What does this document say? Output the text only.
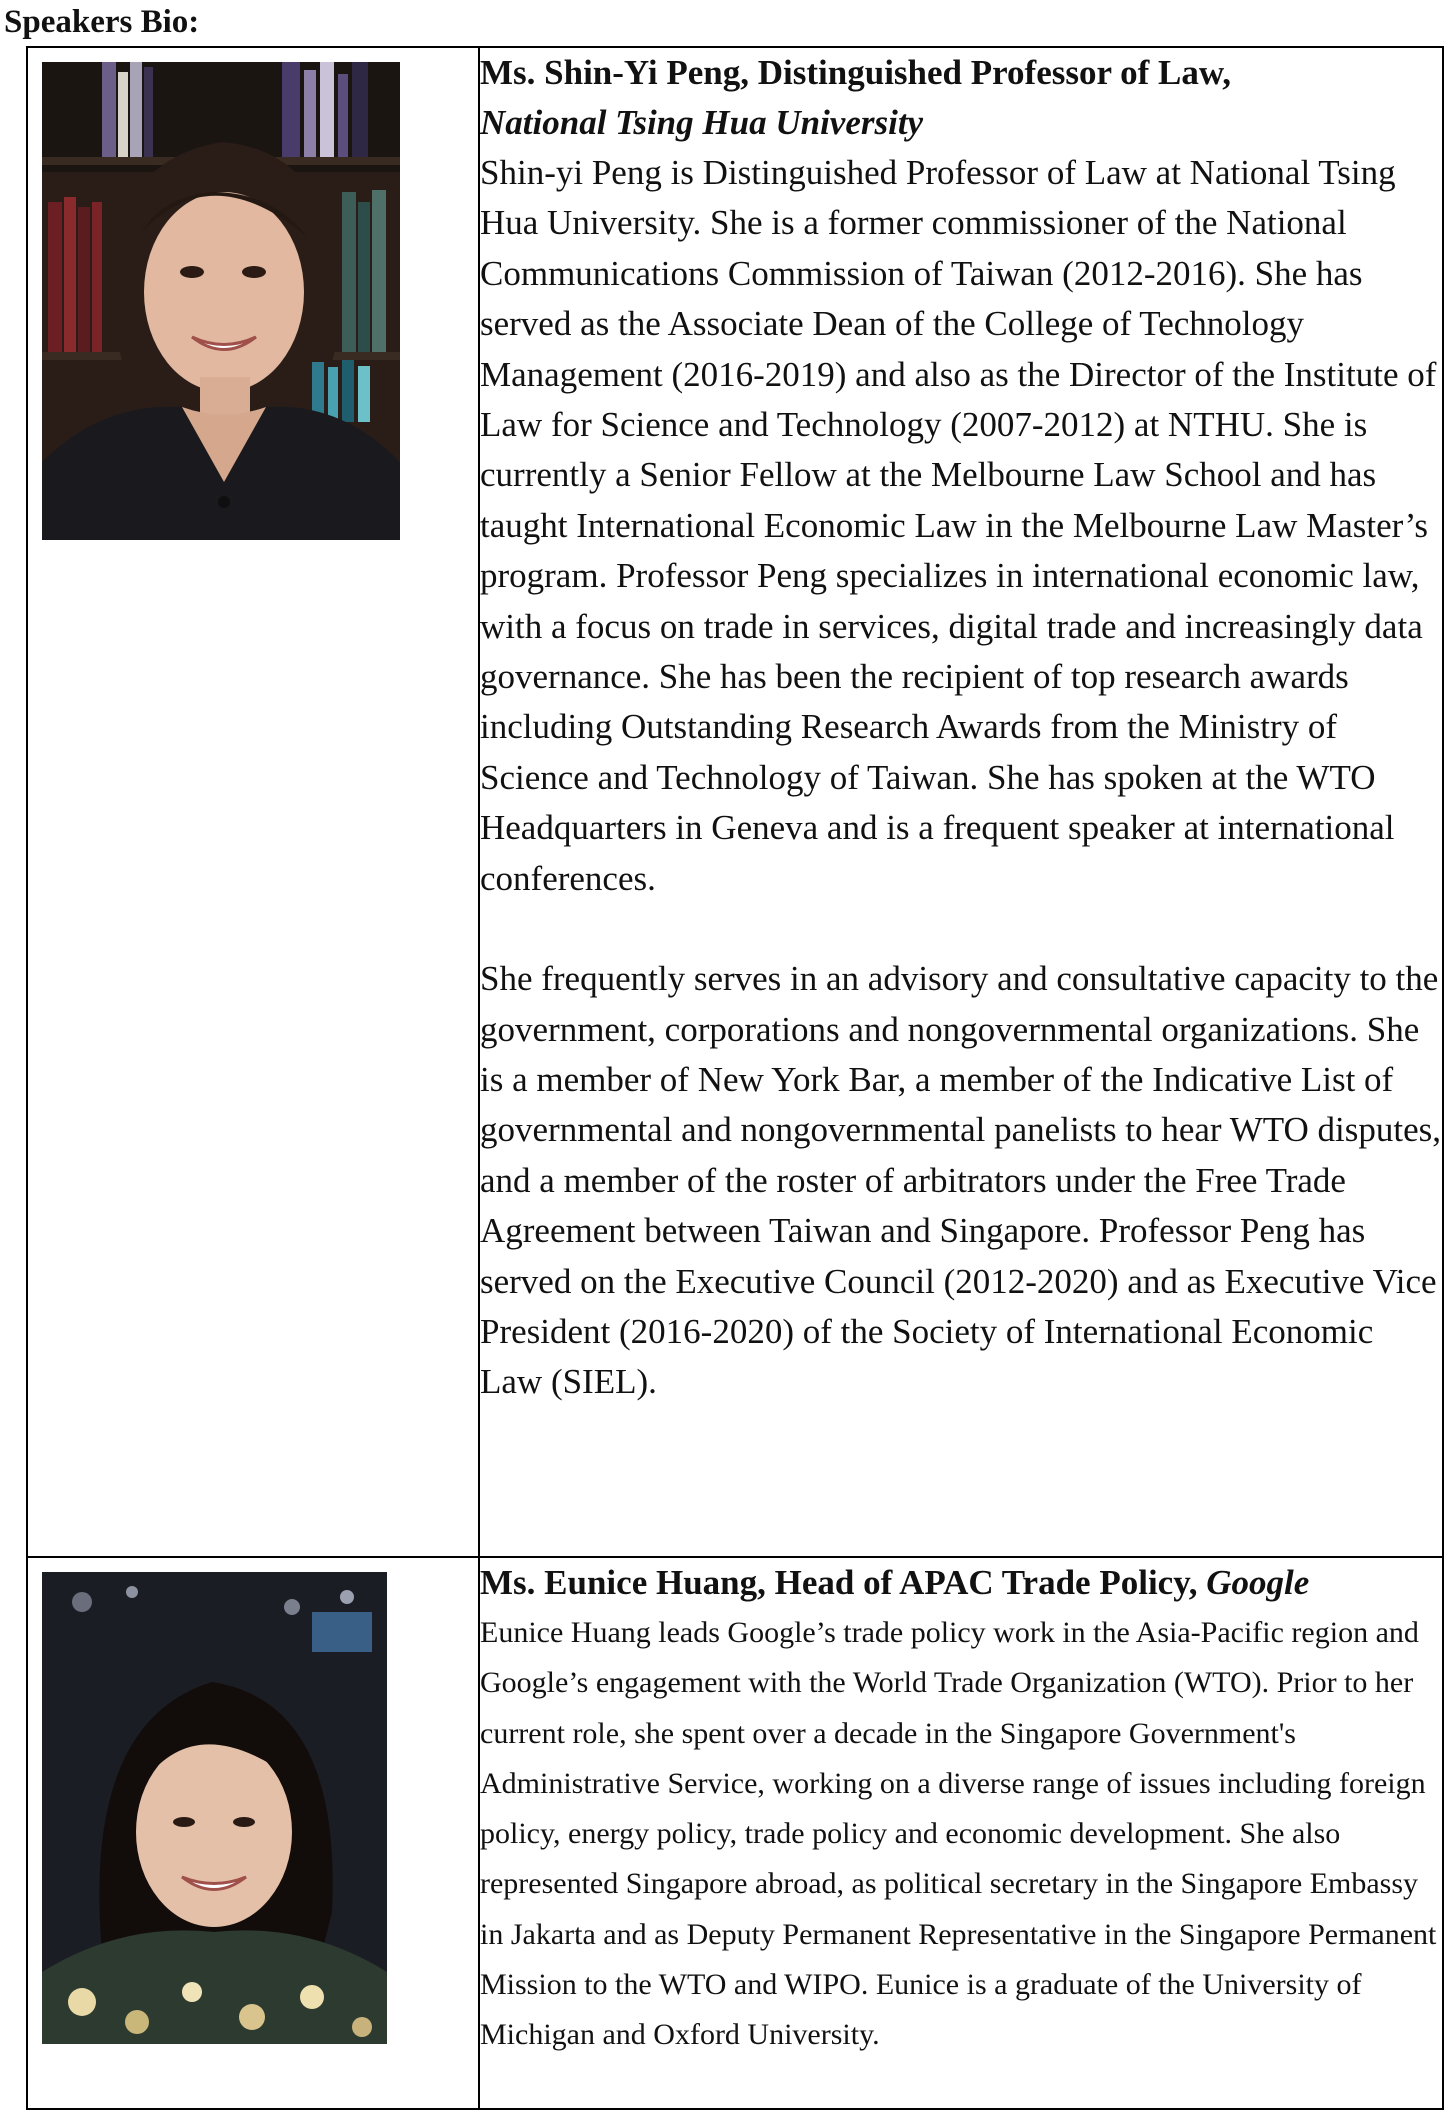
Speakers Bio:

Ms. Shin-Yi Peng, Distinguished Professor of Law,
National Tsing Hua University

Shin-yi Peng is Distinguished Professor of Law at National Tsing Hua University. She is a former commissioner of the National Communications Commission of Taiwan (2012-2016). She has served as the Associate Dean of the College of Technology Management (2016-2019) and also as the Director of the Institute of Law for Science and Technology (2007-2012) at NTHU. She is currently a Senior Fellow at the Melbourne Law School and has taught International Economic Law in the Melbourne Law Master’s program. Professor Peng specializes in international economic law, with a focus on trade in services, digital trade and increasingly data governance. She has been the recipient of top research awards including Outstanding Research Awards from the Ministry of Science and Technology of Taiwan. She has spoken at the WTO Headquarters in Geneva and is a frequent speaker at international conferences.

She frequently serves in an advisory and consultative capacity to the government, corporations and nongovernmental organizations. She is a member of New York Bar, a member of the Indicative List of governmental and nongovernmental panelists to hear WTO disputes, and a member of the roster of arbitrators under the Free Trade Agreement between Taiwan and Singapore. Professor Peng has served on the Executive Council (2012-2020) and as Executive Vice President (2016-2020) of the Society of International Economic Law (SIEL).

Ms. Eunice Huang, Head of APAC Trade Policy, Google

Eunice Huang leads Google’s trade policy work in the Asia-Pacific region and Google’s engagement with the World Trade Organization (WTO). Prior to her current role, she spent over a decade in the Singapore Government's Administrative Service, working on a diverse range of issues including foreign policy, energy policy, trade policy and economic development. She also represented Singapore abroad, as political secretary in the Singapore Embassy in Jakarta and as Deputy Permanent Representative in the Singapore Permanent Mission to the WTO and WIPO. Eunice is a graduate of the University of Michigan and Oxford University.
